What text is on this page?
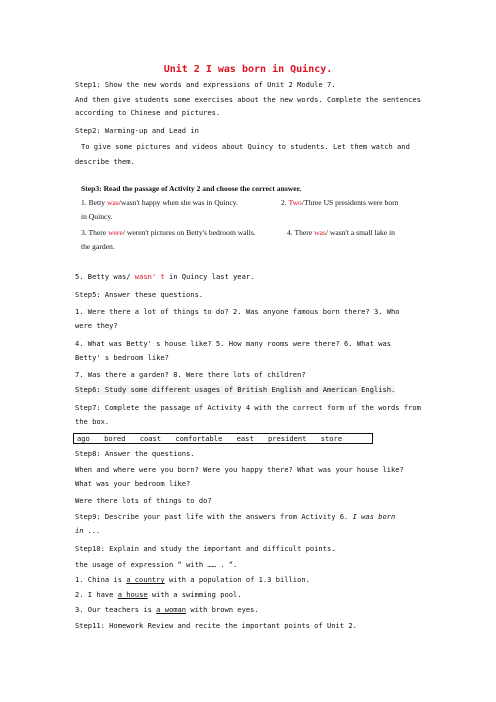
Unit 2 I was born in Quincy.
Step1: Show the new words and expressions of Unit 2 Module 7.
And then give students some exercises about the new words. Complete the sentences
according to Chinese and pictures.
Step2: Warming-up and Lead in
To give some pictures and videos about Quincy to students. Let them watch and
describe them.
Step3: Read the passage of Activity 2 and choose the correct answer.
1. Betty was/wasn't happy when she was in Quincy.	2. Two/Three US presidents were born
in Quincy.
3. There were/ weren't pictures on Betty's bedroom walls.	4. There was/ wasn't a small lake in
the garden.
5. Betty was/ wasn' t in Quincy last year.
Step5: Answer these questions.
1. Were there a lot of things to do? 2. Was anyone famous born there? 3. Who
were they?
4. What was Betty' s house like? 5. How many rooms were there? 6. What was
Betty' s bedroom like?
7. Was there a garden? 8. Were there lots of children?
Step6: Study some different usages of British English and American English.
Step7: Complete the passage of Activity 4 with the correct form of the words from
the box.
ago bored coast comfortable east president store
Step8: Answer the questions.
When and where were you born? Were you happy there? What was your house like?
What was your bedroom like?
Were there lots of things to do?
Step9: Describe your past life with the answers from Activity 6. I was born
in ...
Step10: Explain and study the important and difficult points.
the usage of expression “ with …… . “.
1. China is a country with a population of 1.3 billion.
2. I have a house with a swimming pool.
3. Our teachers is a woman with brown eyes.
Step11: Homework Review and recite the important points of Unit 2.
